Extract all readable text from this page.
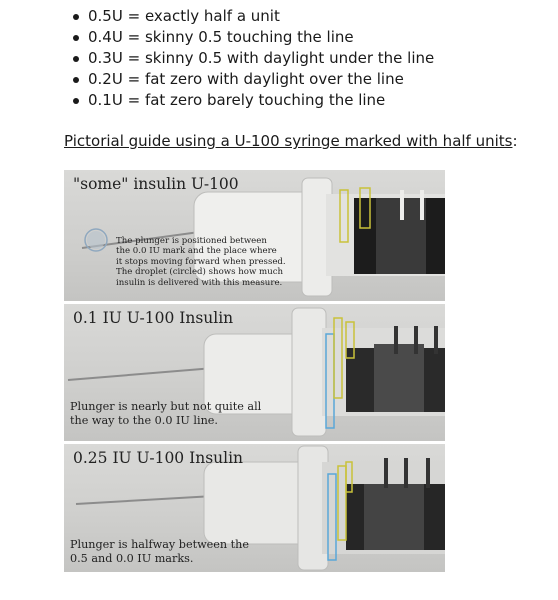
0.5U = exactly half a unit
0.4U = skinny 0.5 touching the line
0.3U = skinny 0.5 with daylight under the line
0.2U = fat zero with daylight over the line
0.1U = fat zero barely touching the line
Pictorial guide using a U-100 syringe marked with half units:
"some" insulin U-100
The plunger is positioned between
the 0.0 IU mark and the place where
it stops moving forward when pressed.
The droplet (circled) shows how much
insulin is delivered with this measure.
0.1 IU U-100 Insulin
Plunger is nearly but not quite all
the way to the 0.0 IU line.
0.25 IU U-100 Insulin
Plunger is halfway between the
0.5 and 0.0 IU marks.
